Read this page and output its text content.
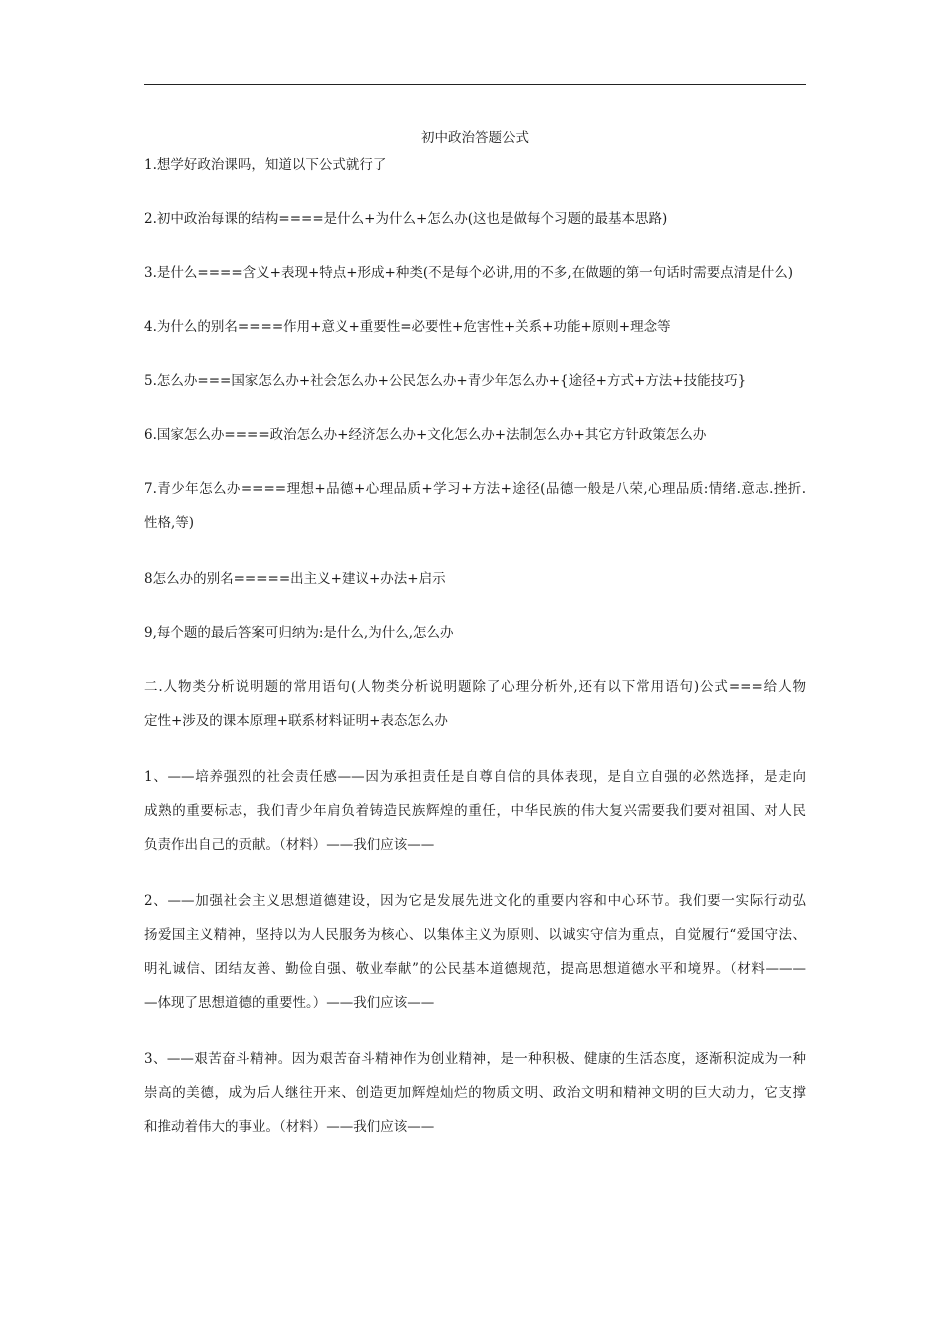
初中政治答题公式
1.想学好政治课吗，知道以下公式就行了
2.初中政治每课的结构====是什么+为什么+怎么办(这也是做每个习题的最基本思路)
3.是什么====含义+表现+特点+形成+种类(不是每个必讲,用的不多,在做题的第一句话时需要点清是什么)
4.为什么的别名====作用+意义+重要性=必要性+危害性+关系+功能+原则+理念等
5.怎么办===国家怎么办+社会怎么办+公民怎么办+青少年怎么办+{途径+方式+方法+技能技巧}
6.国家怎么办====政治怎么办+经济怎么办+文化怎么办+法制怎么办+其它方针政策怎么办
7.青少年怎么办====理想+品德+心理品质+学习+方法+途径(品德一般是八荣,心理品质:情绪.意志.挫折.
性格,等)
8怎么办的别名=====出主义+建议+办法+启示
9,每个题的最后答案可归纳为:是什么,为什么,怎么办
二.人物类分析说明题的常用语句(人物类分析说明题除了心理分析外,还有以下常用语句)公式===给人物
定性+涉及的课本原理+联系材料证明+表态怎么办
1、——培养强烈的社会责任感——因为承担责任是自尊自信的具体表现，是自立自强的必然选择，是走向
成熟的重要标志，我们青少年肩负着铸造民族辉煌的重任，中华民族的伟大复兴需要我们要对祖国、对人民
负责作出自己的贡献。（材料）——我们应该——
2、——加强社会主义思想道德建设，因为它是发展先进文化的重要内容和中心环节。我们要一实际行动弘
扬爱国主义精神，坚持以为人民服务为核心、以集体主义为原则、以诚实守信为重点，自觉履行“爱国守法、
明礼诚信、团结友善、勤俭自强、敬业奉献”的公民基本道德规范，提高思想道德水平和境界。（材料———
—体现了思想道德的重要性。）——我们应该——
3、——艰苦奋斗精神。因为艰苦奋斗精神作为创业精神，是一种积极、健康的生活态度，逐渐积淀成为一种
崇高的美德，成为后人继往开来、创造更加辉煌灿烂的物质文明、政治文明和精神文明的巨大动力，它支撑
和推动着伟大的事业。（材料）——我们应该——
